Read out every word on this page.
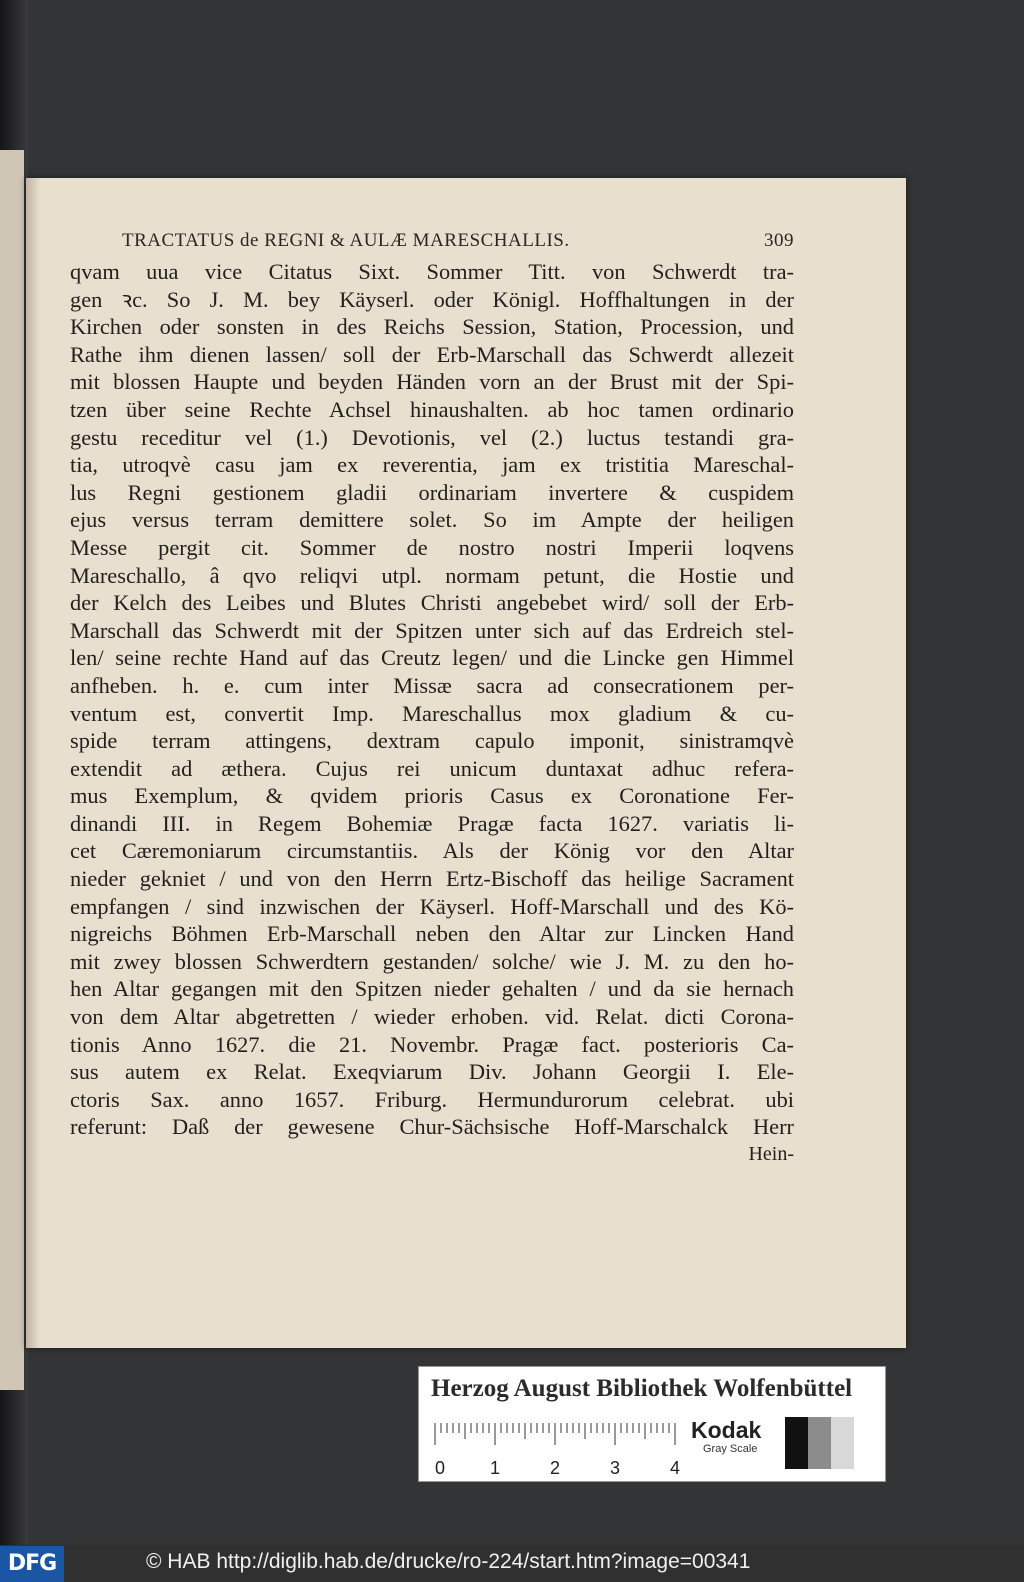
TRACTATUS de REGNI & AULÆ MARESCHALLIS.	309
qvam uua vice Citatus Sixt. Sommer Titt. von Schwerdt tra-
gen ꝛc. So J. M. bey Käyserl. oder Königl. Hoffhaltungen in der
Kirchen oder sonsten in des Reichs Session, Station, Procession, und
Rathe ihm dienen lassen/ soll der Erb-Marschall das Schwerdt allezeit
mit blossen Haupte und beyden Händen vorn an der Brust mit der Spi-
tzen über seine Rechte Achsel hinaushalten. ab hoc tamen ordinario
gestu receditur vel (1.) Devotionis, vel (2.) luctus testandi gra-
tia, utroqvè casu jam ex reverentia, jam ex tristitia Mareschal-
lus Regni gestionem gladii ordinariam invertere & cuspidem
ejus versus terram demittere solet. So im Ampte der heiligen
Messe pergit cit. Sommer de nostro nostri Imperii loqvens
Mareschallo, â qvo reliqvi utpl. normam petunt, die Hostie und
der Kelch des Leibes und Blutes Christi angebebet wird/ soll der Erb-
Marschall das Schwerdt mit der Spitzen unter sich auf das Erdreich stel-
len/ seine rechte Hand auf das Creutz legen/ und die Lincke gen Himmel
anfheben. h. e. cum inter Missæ sacra ad consecrationem per-
ventum est, convertit Imp. Mareschallus mox gladium & cu-
spide terram attingens, dextram capulo imponit, sinistramqvè
extendit ad æthera. Cujus rei unicum duntaxat adhuc referа-
mus Exemplum, & qvidem prioris Casus ex Coronatione Fer-
dinandi III. in Regem Bohemiæ Pragæ facta 1627. variatis li-
cet Cæremoniarum circumstantiis. Als der König vor den Altar
nieder gekniet / und von den Herrn Ertz-Bischoff das heilige Sacrament
empfangen / sind inzwischen der Käyserl. Hoff-Marschall und des Kö-
nigreichs Böhmen Erb-Marschall neben den Altar zur Lincken Hand
mit zwey blossen Schwerdtern gestanden/ solche/ wie J. M. zu den ho-
hen Altar gegangen mit den Spitzen nieder gehalten / und da sie hernach
von dem Altar abgetretten / wieder erhoben. vid. Relat. dicti Corona-
tionis Anno 1627. die 21. Novembr. Pragæ fact. posterioris Ca-
sus autem ex Relat. Exeqviarum Div. Johann Georgii I. Ele-
ctoris Sax. anno 1657. Friburg. Hermundurorum celebrat. ubi
referunt: Daß der gewesene Chur-Sächsische Hoff-Marschalck Herr
Hein-
Herzog August Bibliothek Wolfenbüttel
0 1	2	3	4
Kodak
Gray Scale
DFG	© HAB http://diglib.hab.de/drucke/ro-224/start.htm?image=00341
